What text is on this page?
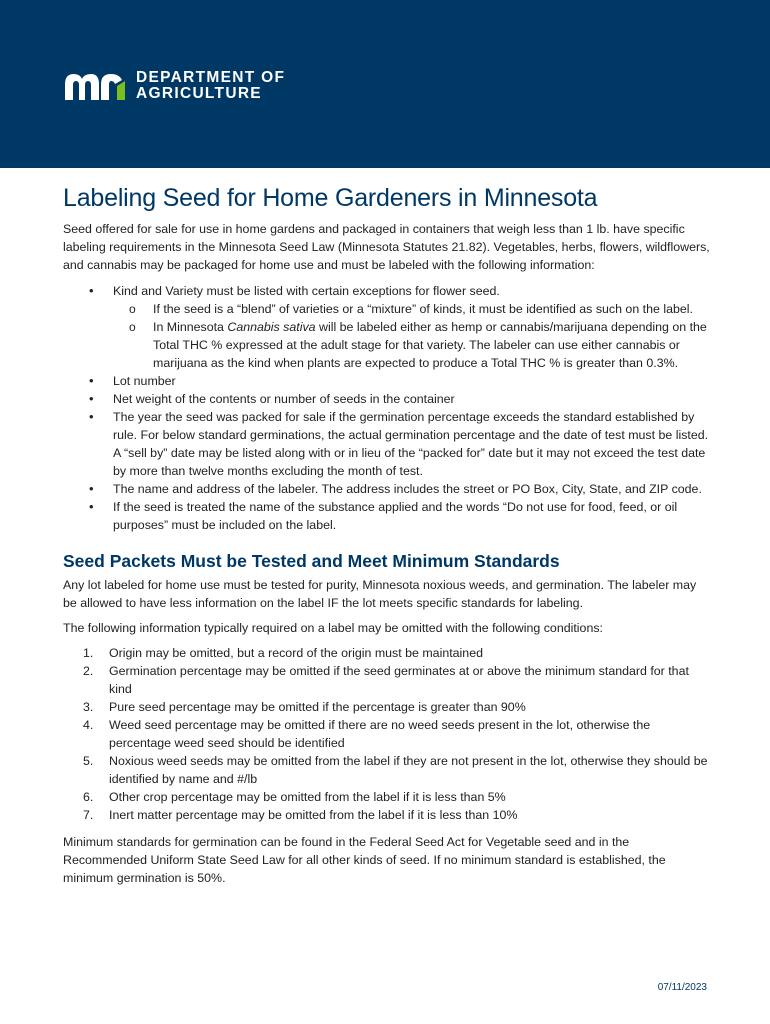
DEPARTMENT OF
AGRICULTURE
Labeling Seed for Home Gardeners in Minnesota

Seed offered for sale for use in home gardens and packaged in containers that weigh less than 1 lb. have specific labeling requirements in the Minnesota Seed Law (Minnesota Statutes 21.82). Vegetables, herbs, flowers, wildflowers, and cannabis may be packaged for home use and must be labeled with the following information:

• Kind and Variety must be listed with certain exceptions for flower seed.
o If the seed is a “blend” of varieties or a “mixture” of kinds, it must be identified as such on the label.
o In Minnesota Cannabis sativa will be labeled either as hemp or cannabis/marijuana depending on the Total THC % expressed at the adult stage for that variety. The labeler can use either cannabis or marijuana as the kind when plants are expected to produce a Total THC % is greater than 0.3%.
• Lot number
• Net weight of the contents or number of seeds in the container
• The year the seed was packed for sale if the germination percentage exceeds the standard established by rule. For below standard germinations, the actual germination percentage and the date of test must be listed. A “sell by” date may be listed along with or in lieu of the “packed for” date but it may not exceed the test date by more than twelve months excluding the month of test.
• The name and address of the labeler. The address includes the street or PO Box, City, State, and ZIP code.
• If the seed is treated the name of the substance applied and the words “Do not use for food, feed, or oil purposes” must be included on the label.
Seed Packets Must be Tested and Meet Minimum Standards

Any lot labeled for home use must be tested for purity, Minnesota noxious weeds, and germination. The labeler may be allowed to have less information on the label IF the lot meets specific standards for labeling.

The following information typically required on a label may be omitted with the following conditions:

1. Origin may be omitted, but a record of the origin must be maintained
2. Germination percentage may be omitted if the seed germinates at or above the minimum standard for that kind
3. Pure seed percentage may be omitted if the percentage is greater than 90%
4. Weed seed percentage may be omitted if there are no weed seeds present in the lot, otherwise the percentage weed seed should be identified
5. Noxious weed seeds may be omitted from the label if they are not present in the lot, otherwise they should be identified by name and #/lb
6. Other crop percentage may be omitted from the label if it is less than 5%
7. Inert matter percentage may be omitted from the label if it is less than 10%

Minimum standards for germination can be found in the Federal Seed Act for Vegetable seed and in the Recommended Uniform State Seed Law for all other kinds of seed. If no minimum standard is established, the minimum germination is 50%.

07/11/2023
